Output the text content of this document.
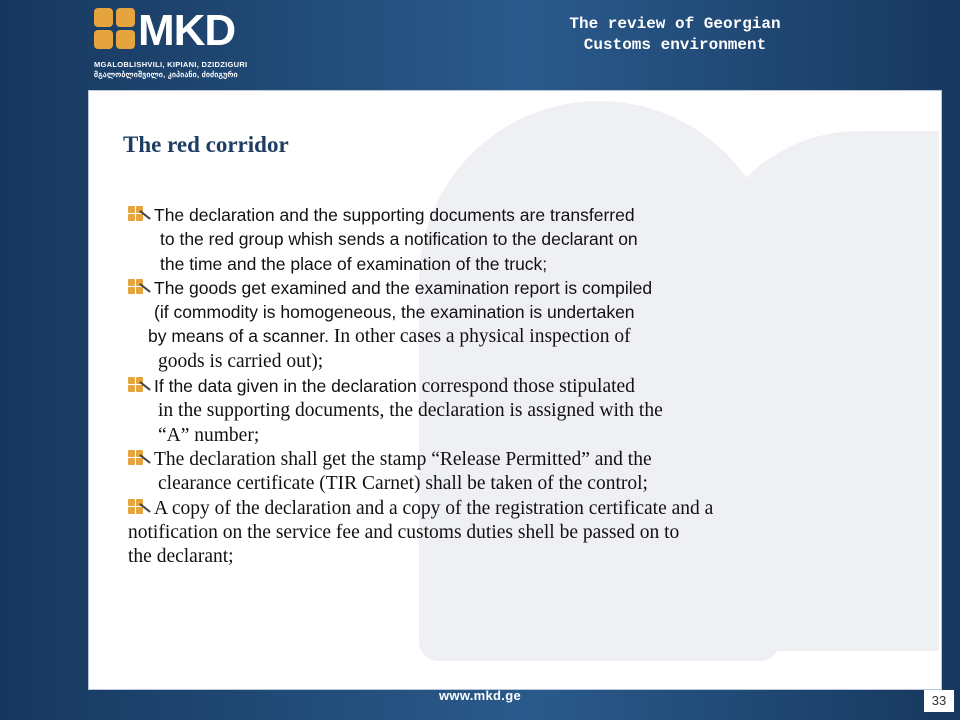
MKD
MGALOBLISHVILI, KIPIANI, DZIDZIGURI
მგალობლიშვილი, კიპიანი, ძიძიგური
The review of Georgian
Customs environment
The red corridor
The declaration and the supporting documents are transferred
to the red group whish sends a notification to the declarant on
the time and the place of examination of the truck;
The goods get examined and the examination report is compiled
(if commodity is homogeneous, the examination is undertaken
by means of a scanner. In other cases a physical inspection of
goods is carried out);
If the data given in the declaration correspond those stipulated
in the supporting documents, the declaration is assigned with the
“A” number;
The declaration shall get the stamp “Release Permitted” and the
clearance certificate (TIR Carnet) shall be taken of the control;
A copy of the declaration and a copy of the registration certificate and a
notification on the service fee and customs duties shell be passed on to
the declarant;
www.mkd.ge	33
